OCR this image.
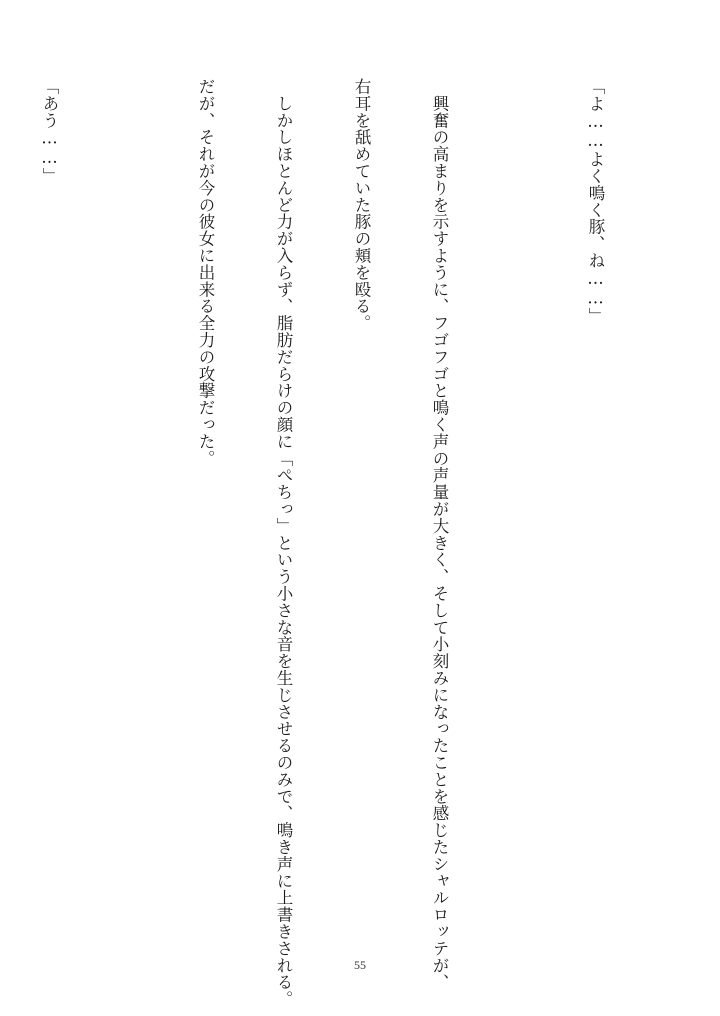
「よ……よく鳴く豚、ね……」

　興奮の高まりを示すように、フゴフゴと鳴く声の声量が大きく、そして小刻みになったことを感じたシャルロッテが、

右耳を舐めていた豚の頬を殴る。

　しかしほとんど力が入らず、脂肪だらけの顔に「ぺちっ」という小さな音を生じさせるのみで、鳴き声に上書きされる。

だが、それが今の彼女に出来る全力の攻撃だった。

「あう……」

55
